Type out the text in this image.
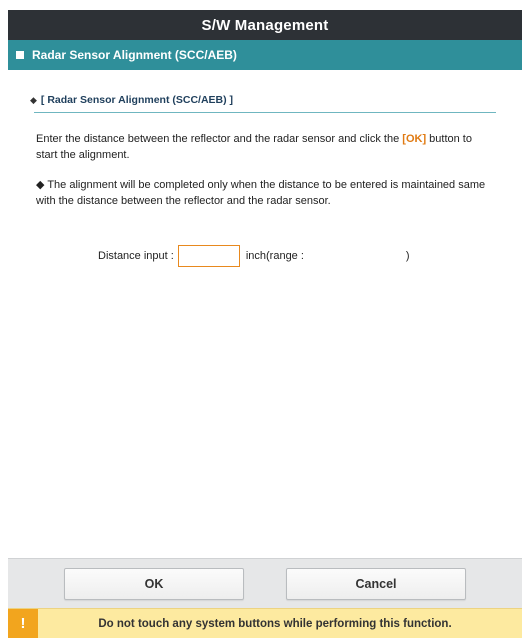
S/W Management
Radar Sensor Alignment (SCC/AEB)
◆ [ Radar Sensor Alignment (SCC/AEB) ]

Enter the distance between the reflector and the radar sensor and click the [OK] button to start the alignment.

◆ The alignment will be completed only when the distance to be entered is maintained same with the distance between the reflector and the radar sensor.

Distance input :	inch(range :	)
OK	Cancel
!	Do not touch any system buttons while performing this function.
